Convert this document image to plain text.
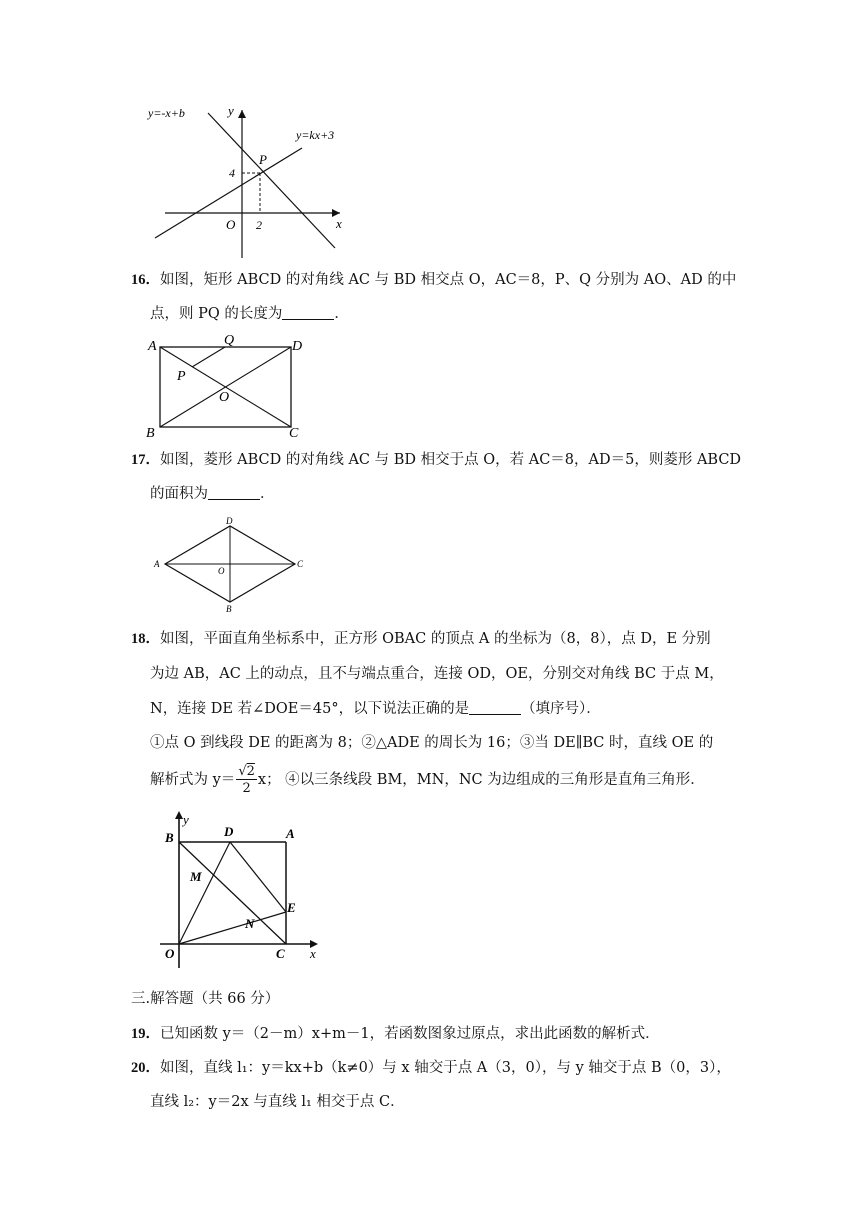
y=-x+b
y=kx+3
y
x
O
P
4
2
16．如图，矩形 ABCD 的对角线 AC 与 BD 相交点 O，AC＝8，P、Q 分别为 AO、AD 的中
点，则 PQ 的长度为	．
A
B	C
D
P
Q
O
17．如图，菱形 ABCD 的对角线 AC 与 BD 相交于点 O，若 AC＝8，AD＝5，则菱形 ABCD
的面积为	．
A
D
C
B
O
18．如图，平面直角坐标系中，正方形 OBAC 的顶点 A 的坐标为（8，8），点 D，E 分别
为边 AB，AC 上的动点，且不与端点重合，连接 OD，OE，分别交对角线 BC 于点 M，
N，连接 DE 若∠DOE＝45°，以下说法正确的是	（填序号）．
①点 O 到线段 DE 的距离为 8；②△ADE 的周长为 16；③当 DE∥BC 时，直线 OE 的
解析式为 $y= \frac{√2}{2}$ x； ④以三条线段 BM，MN，NC 为边组成的三角形是直角三角形．
B	D	A
M
E
N
O	C x
y
三.解答题（共 66 分）
19．已知函数 y＝（2－m）x+m－1，若函数图象过原点，求出此函数的解析式．
20．如图，直线 l₁：y＝kx+b（k≠0）与 x 轴交于点 A（3，0），与 y 轴交于点 B（0，3），
直线 l₂：y＝2x 与直线 l₁ 相交于点 C．
